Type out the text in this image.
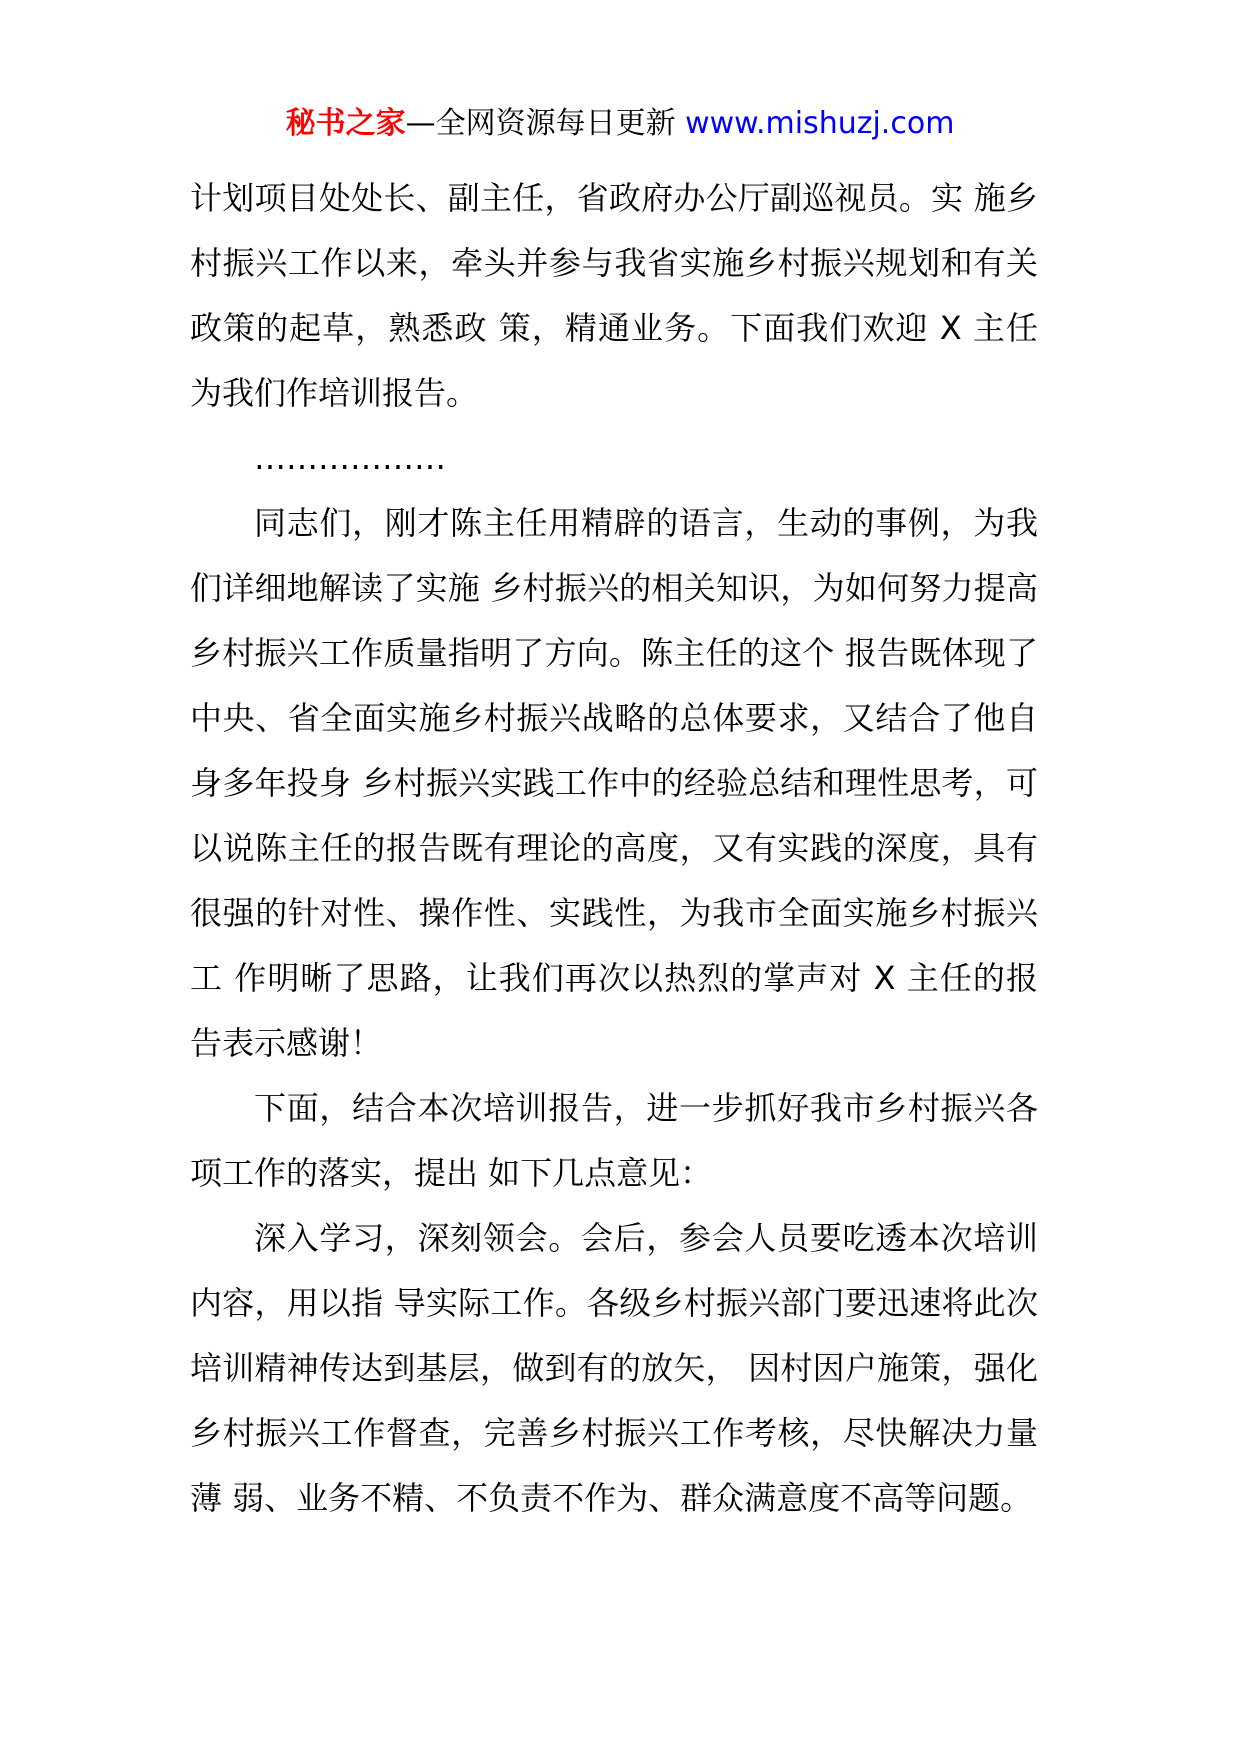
秘书之家—全网资源每日更新 www.mishuzj.com

计划项目处处长、副主任，省政府办公厅副巡视员。实 施乡村振兴工作以来，牵头并参与我省实施乡村振兴规划和有关政策的起草，熟悉政 策，精通业务。下面我们欢迎 X 主任为我们作培训报告。

………………

同志们，刚才陈主任用精辟的语言，生动的事例，为我们详细地解读了实施 乡村振兴的相关知识，为如何努力提高乡村振兴工作质量指明了方向。陈主任的这个 报告既体现了中央、省全面实施乡村振兴战略的总体要求，又结合了他自身多年投身 乡村振兴实践工作中的经验总结和理性思考，可以说陈主任的报告既有理论的高度，又有实践的深度，具有很强的针对性、操作性、实践性，为我市全面实施乡村振兴工 作明晰了思路，让我们再次以热烈的掌声对 X 主任的报告表示感谢！

下面，结合本次培训报告，进一步抓好我市乡村振兴各项工作的落实，提出 如下几点意见：

深入学习，深刻领会。会后，参会人员要吃透本次培训内容，用以指 导实际工作。各级乡村振兴部门要迅速将此次培训精神传达到基层，做到有的放矢， 因村因户施策，强化乡村振兴工作督查，完善乡村振兴工作考核，尽快解决力量薄 弱、业务不精、不负责不作为、群众满意度不高等问题。
